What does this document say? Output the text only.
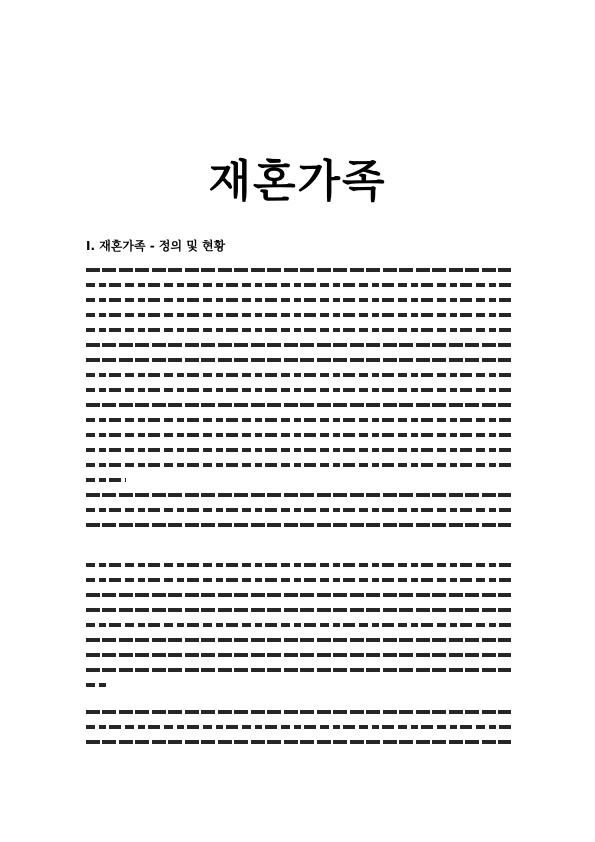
재혼가족
Ⅰ. 재혼가족 - 정의 및 현황
